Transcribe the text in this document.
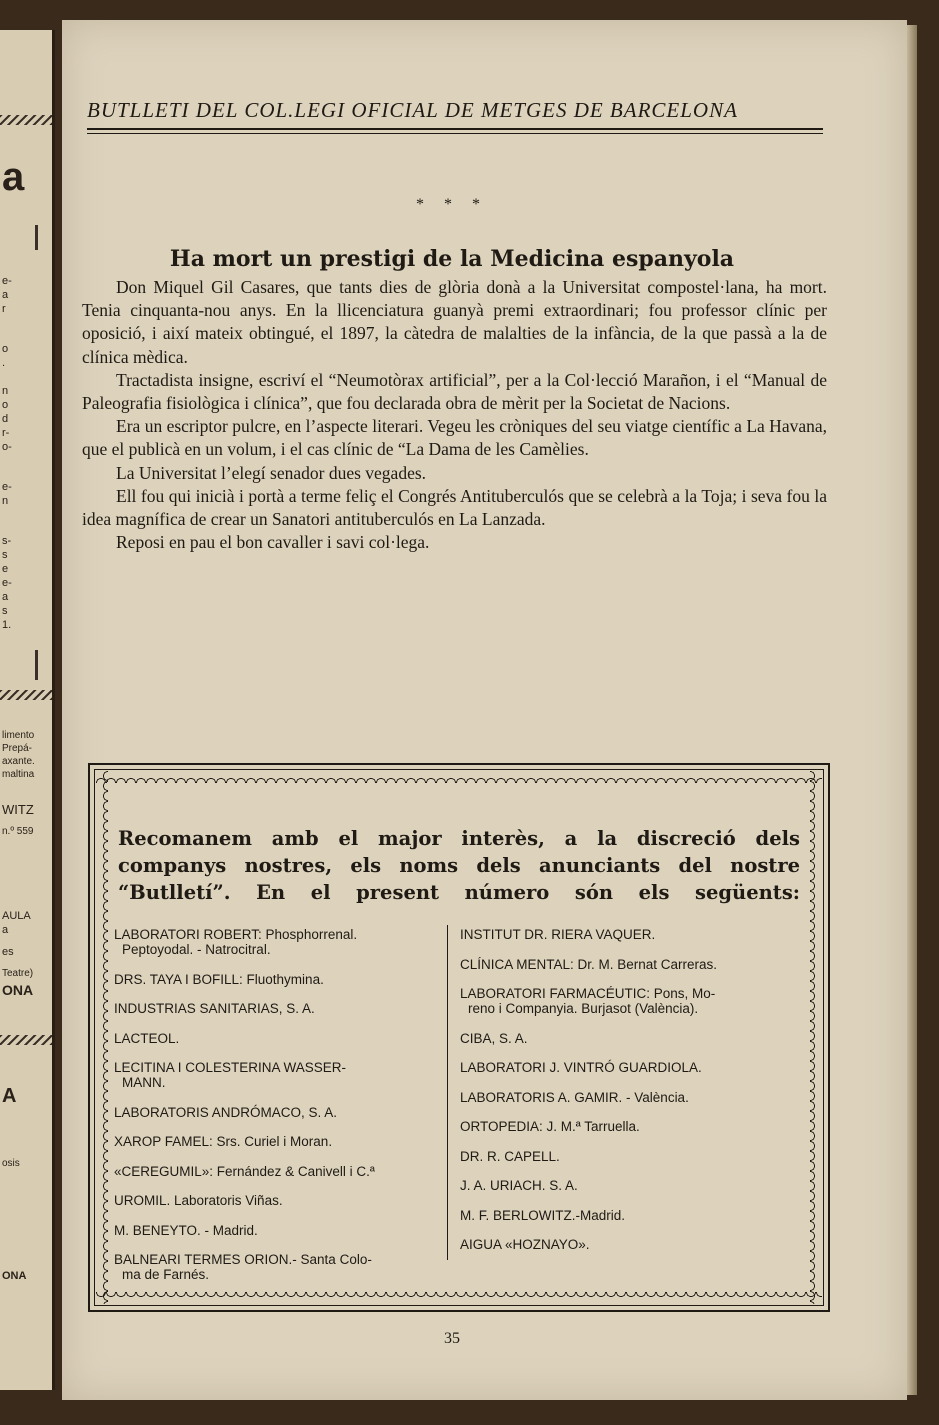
a
e-
a
r
o
.
n
o
d
r-
o-
e-
n
s-
s
e
e-
a
s
1.
limento
Prepá-
axante.
maltina
WITZ
n.º 559
AULA
a
es
Teatre)
ONA
A
osis
ONA
BUTLLETI DEL COL.LEGI OFICIAL DE METGES DE BARCELONA
* * *
Ha mort un prestigi de la Medicina espanyola

Don Miquel Gil Casares, que tants dies de glòria donà a la Universitat compostel·lana, ha mort. Tenia cinquanta-nou anys. En la llicenciatura guanyà premi extraordinari; fou professor clínic per oposició, i així mateix obtingué, el 1897, la càtedra de malalties de la infància, de la que passà a la de clínica mèdica.

Tractadista insigne, escriví el “Neumotòrax artificial”, per a la Col·lecció Marañon, i el “Manual de Paleografia fisiològica i clínica”, que fou declarada obra de mèrit per la Societat de Nacions.

Era un escriptor pulcre, en l’aspecte literari. Vegeu les cròniques del seu viatge científic a La Havana, que el publicà en un volum, i el cas clínic de “La Dama de les Camèlies.

La Universitat l’elegí senador dues vegades.

Ell fou qui inicià i portà a terme feliç el Congrés Antituberculós que se celebrà a la Toja; i seva fou la idea magnífica de crear un Sanatori antituberculós en La Lanzada.

Reposi en pau el bon cavaller i savi col·lega.

Recomanem amb el major interès, a la discreció dels companys nostres, els noms dels anunciants del nostre “Butlletí”. En el present número són els següents:
LABORATORI ROBERT: Phosphorrenal.
Peptoyodal. - Natrocitral.
DRS. TAYA I BOFILL: Fluothymina.
INDUSTRIAS SANITARIAS, S. A.
LACTEOL.
LECITINA I COLESTERINA WASSER-
MANN.
LABORATORIS ANDRÓMACO, S. A.
XAROP FAMEL: Srs. Curiel i Moran.
«CEREGUMIL»: Fernández & Canivell i C.ª
UROMIL. Laboratoris Viñas.
M. BENEYTO. - Madrid.
BALNEARI TERMES ORION.- Santa Colo-
ma de Farnés.
INSTITUT DR. RIERA VAQUER.
CLÍNICA MENTAL: Dr. M. Bernat Carreras.
LABORATORI FARMACÉUTIC: Pons, Mo-
reno i Companyia. Burjasot (València).
CIBA, S. A.
LABORATORI J. VINTRÓ GUARDIOLA.
LABORATORIS A. GAMIR. - València.
ORTOPEDIA: J. M.ª Tarruella.
DR. R. CAPELL.
J. A. URIACH. S. A.
M. F. BERLOWITZ.-Madrid.
AIGUA «HOZNAYO».
35
